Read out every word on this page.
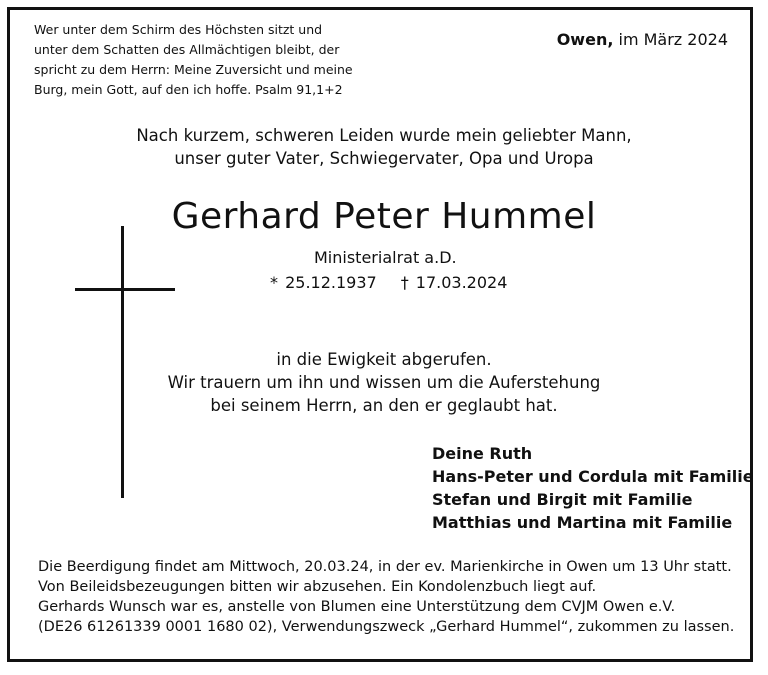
Wer unter dem Schirm des Höchsten sitzt und
unter dem Schatten des Allmächtigen bleibt, der
spricht zu dem Herrn: Meine Zuversicht und meine
Burg, mein Gott, auf den ich hoffe. Psalm 91,1+2
Owen, im März 2024
Nach kurzem, schweren Leiden wurde mein geliebter Mann,
unser guter Vater, Schwiegervater, Opa und Uropa
Gerhard Peter Hummel
Ministerialrat a.D.
* 25.12.1937 † 17.03.2024
in die Ewigkeit abgerufen.
Wir trauern um ihn und wissen um die Auferstehung
bei seinem Herrn, an den er geglaubt hat.
Deine Ruth
Hans-Peter und Cordula mit Familie
Stefan und Birgit mit Familie
Matthias und Martina mit Familie
Die Beerdigung findet am Mittwoch, 20.03.24, in der ev. Marienkirche in Owen um 13 Uhr statt.
Von Beileidsbezeugungen bitten wir abzusehen. Ein Kondolenzbuch liegt auf.
Gerhards Wunsch war es, anstelle von Blumen eine Unterstützung dem CVJM Owen e.V.
(DE26 61261339 0001 1680 02), Verwendungszweck „Gerhard Hummel“, zukommen zu lassen.
